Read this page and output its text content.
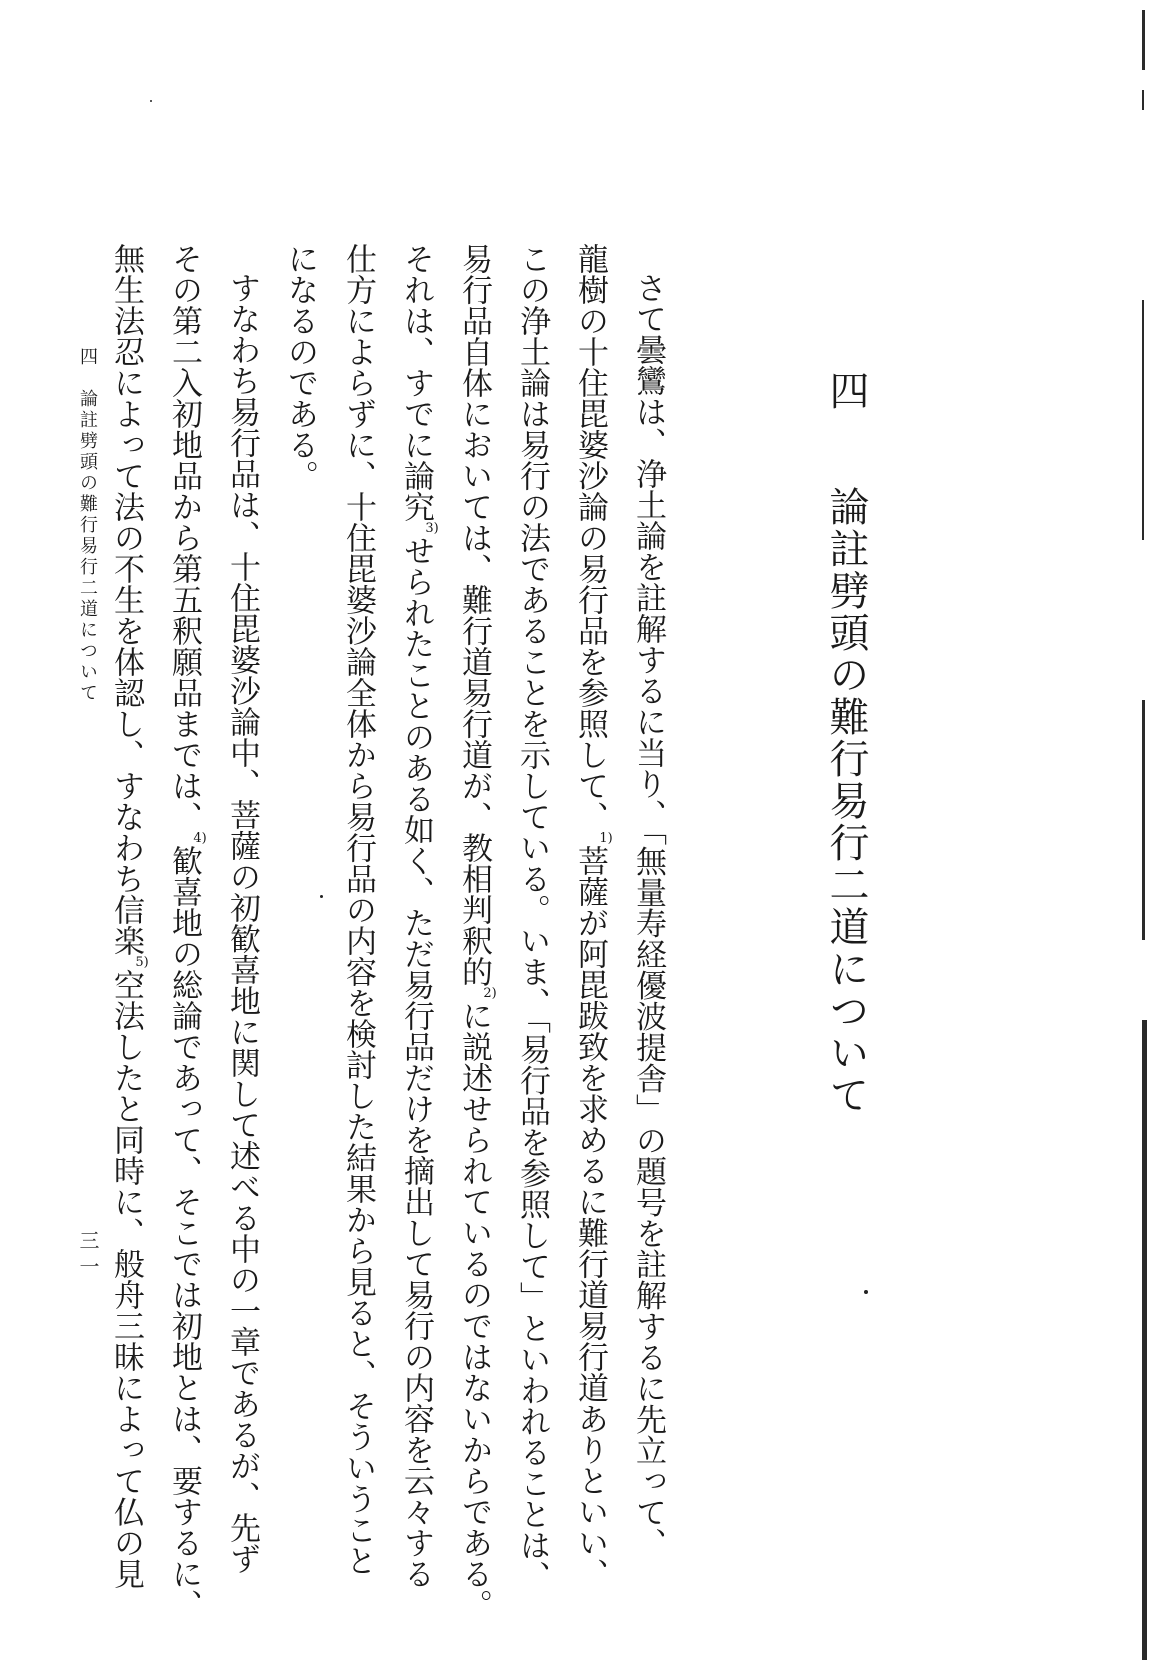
四論註劈頭の難行易行二道について
さて曇鸞は、浄土論を註解するに当り、「無量寿経優波提舎」の題号を註解するに先立って、
龍樹の十住毘婆沙論の易行品を参照して、1)菩薩が阿毘跋致を求めるに難行道易行道ありといい、
この浄土論は易行の法であることを示している。いま、「易行品を参照して」といわれることは、
易行品自体においては、難行道易行道が、教相判釈的2)に説述せられているのではないからである。
それは、すでに論究3)せられたことのある如く、ただ易行品だけを摘出して易行の内容を云々する
仕方によらずに、十住毘婆沙論全体から易行品の内容を検討した結果から見ると、そういうこと
になるのである。
すなわち易行品は、十住毘婆沙論中、菩薩の初歓喜地に関して述べる中の一章であるが、先ず
その第二入初地品から第五釈願品までは、4)歓喜地の総論であって、そこでは初地とは、要するに、
無生法忍によって法の不生を体認し、すなわち信楽5)空法したと同時に、般舟三昧によって仏の見
四　論註劈頭の難行易行二道について
三一
